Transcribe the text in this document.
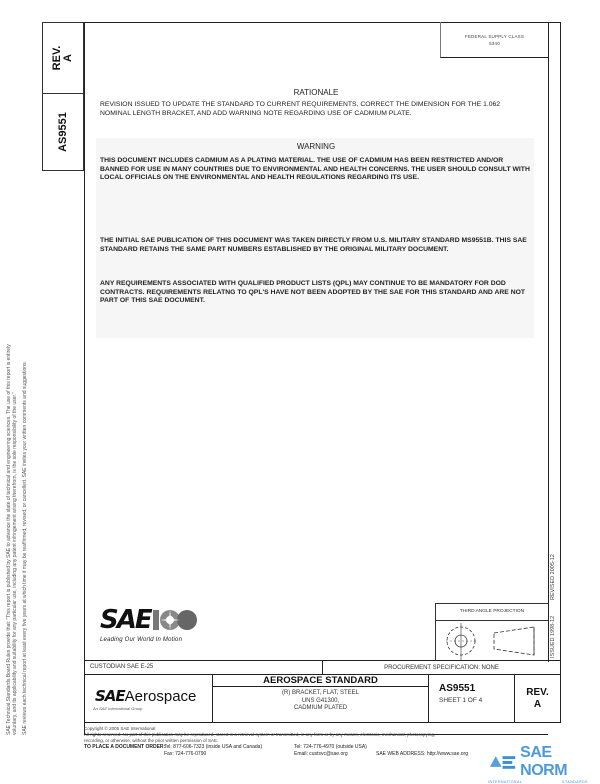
REV. A
AS9551
SAE Technical Standards Board Rules provide that: "This report is published by SAE to advance the state of technical and engineering sciences. The use of this report is entirely voluntary, and its applicability and suitability for any particular use, including any patent infringement arising therefrom, is the sole responsibility of the user." SAE reviews each technical report at least every five years at which time it may be reaffirmed, revised, or cancelled. SAE invites your written comments and suggestions.	ISSUED 1998-12
REVISED 2005-12
FEDERAL SUPPLY CLASS
5340
RATIONALE
REVISION ISSUED TO UPDATE THE STANDARD TO CURRENT REQUIREMENTS, CORRECT THE DIMENSION FOR THE 1.062 NOMINAL LENGTH BRACKET, AND ADD WARNING NOTE REGARDING USE OF CADMIUM PLATE.
WARNING
THIS DOCUMENT INCLUDES CADMIUM AS A PLATING MATERIAL. THE USE OF CADMIUM HAS BEEN RESTRICTED AND/OR BANNED FOR USE IN MANY COUNTRIES DUE TO ENVIRONMENTAL AND HEALTH CONCERNS. THE USER SHOULD CONSULT WITH LOCAL OFFICIALS ON THE ENVIRONMENTAL AND HEALTH REGULATIONS REGARDING ITS USE.
THE INITIAL SAE PUBLICATION OF THIS DOCUMENT WAS TAKEN DIRECTLY FROM U.S. MILITARY STANDARD MS9551B. THIS SAE STANDARD RETAINS THE SAME PART NUMBERS ESTABLISHED BY THE ORIGINAL MILITARY DOCUMENT.
ANY REQUIREMENTS ASSOCIATED WITH QUALIFIED PRODUCT LISTS (QPL) MAY CONTINUE TO BE MANDATORY FOR DOD CONTRACTS. REQUIREMENTS RELATNG TO QPL'S HAVE NOT BEEN ADOPTED BY THE SAE FOR THIS STANDARD AND ARE NOT PART OF THIS SAE DOCUMENT.
SAE
Leading Our World In Motion
THIRD ANGLE PROJECTION
CUSTODIAN SAE E-25	PROCUREMENT SPECIFICATION: NONE
SAEAerospace
An SAE International Group
AEROSPACE STANDARD
(R) BRACKET, FLAT, STEEL
UNS G41300,
CADMIUM PLATED
AS9551
SHEET 1 OF 4
REV.
A
Copyright © 2005 SAE International
All rights reserved. No part of this publication may be reproduced, stored in a retrieval system or transmitted, in any form or by any means, electronic, mechanical, photocopying,
recording, or otherwise, without the prior written permission of SAE.
TO PLACE A DOCUMENT ORDER:
Tel: 877-606-7323 (inside USA and Canada)
Fax: 724-776-0790
Tel: 724-776-4970 (outside USA)
Email: custsvc@sae.org	SAE WEB ADDRESS: http://www.sae.org	SAE NORM
INTERNATIONAL	STANDARDS
